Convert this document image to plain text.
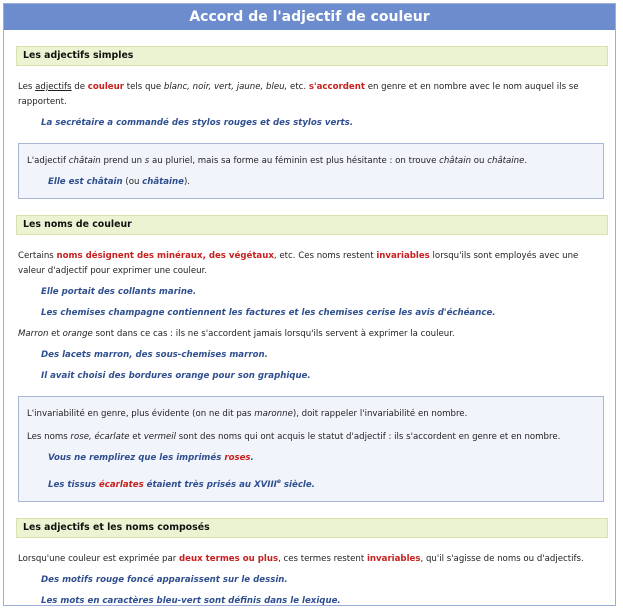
Accord de l'adjectif de couleur
Les adjectifs simples

Les adjectifs de couleur tels que blanc, noir, vert, jaune, bleu, etc. s'accordent en genre et en nombre avec le nom auquel ils se rapportent.

La secrétaire a commandé des stylos rouges et des stylos verts.

L'adjectif châtain prend un s au pluriel, mais sa forme au féminin est plus hésitante : on trouve châtain ou châtaine.

Elle est châtain (ou châtaine).

Les noms de couleur

Certains noms désignent des minéraux, des végétaux, etc. Ces noms restent invariables lorsqu'ils sont employés avec une valeur d'adjectif pour exprimer une couleur.

Elle portait des collants marine.

Les chemises champagne contiennent les factures et les chemises cerise les avis d'échéance.

Marron et orange sont dans ce cas : ils ne s'accordent jamais lorsqu'ils servent à exprimer la couleur.

Des lacets marron, des sous-chemises marron.

Il avait choisi des bordures orange pour son graphique.

L'invariabilité en genre, plus évidente (on ne dit pas maronne), doit rappeler l'invariabilité en nombre.

Les noms rose, écarlate et vermeil sont des noms qui ont acquis le statut d'adjectif : ils s'accordent en genre et en nombre.

Vous ne remplirez que les imprimés roses.

Les tissus écarlates étaient très prisés au XVIIIe siècle.

Les adjectifs et les noms composés

Lorsqu'une couleur est exprimée par deux termes ou plus, ces termes restent invariables, qu'il s'agisse de noms ou d'adjectifs.

Des motifs rouge foncé apparaissent sur le dessin.

Les mots en caractères bleu-vert sont définis dans le lexique.
